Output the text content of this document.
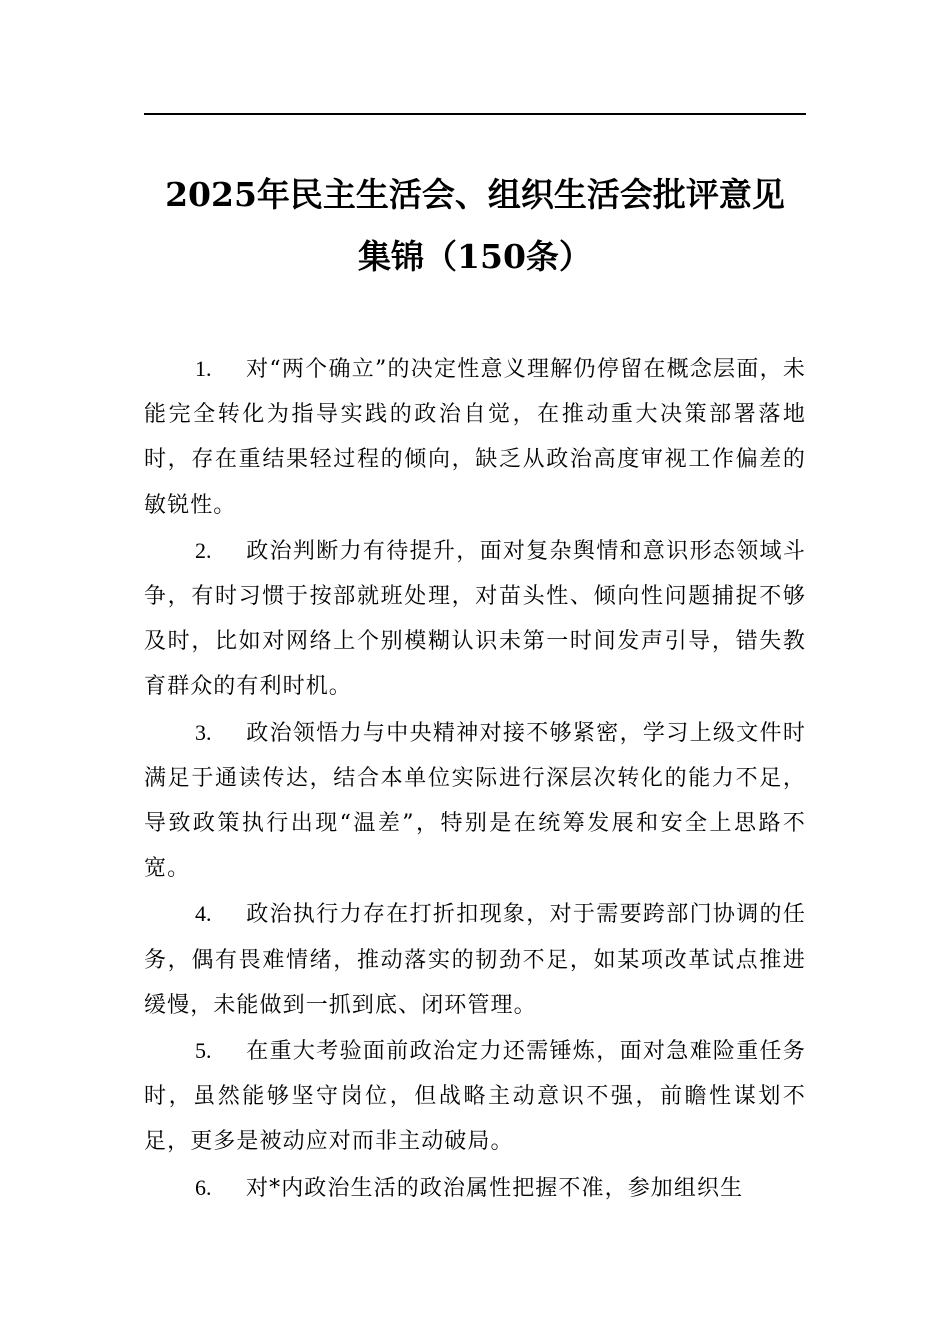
2025年民主生活会、组织生活会批评意见
集锦（150条）

1. 对“两个确立”的决定性意义理解仍停留在概念层面，未能完全转化为指导实践的政治自觉，在推动重大决策部署落地时，存在重结果轻过程的倾向，缺乏从政治高度审视工作偏差的敏锐性。

2. 政治判断力有待提升，面对复杂舆情和意识形态领域斗争，有时习惯于按部就班处理，对苗头性、倾向性问题捕捉不够及时，比如对网络上个别模糊认识未第一时间发声引导，错失教育群众的有利时机。

3. 政治领悟力与中央精神对接不够紧密，学习上级文件时满足于通读传达，结合本单位实际进行深层次转化的能力不足，导致政策执行出现“温差”，特别是在统筹发展和安全上思路不宽。

4. 政治执行力存在打折扣现象，对于需要跨部门协调的任务，偶有畏难情绪，推动落实的韧劲不足，如某项改革试点推进缓慢，未能做到一抓到底、闭环管理。

5. 在重大考验面前政治定力还需锤炼，面对急难险重任务时，虽然能够坚守岗位，但战略主动意识不强，前瞻性谋划不足，更多是被动应对而非主动破局。

6. 对*内政治生活的政治属性把握不准，参加组织生
